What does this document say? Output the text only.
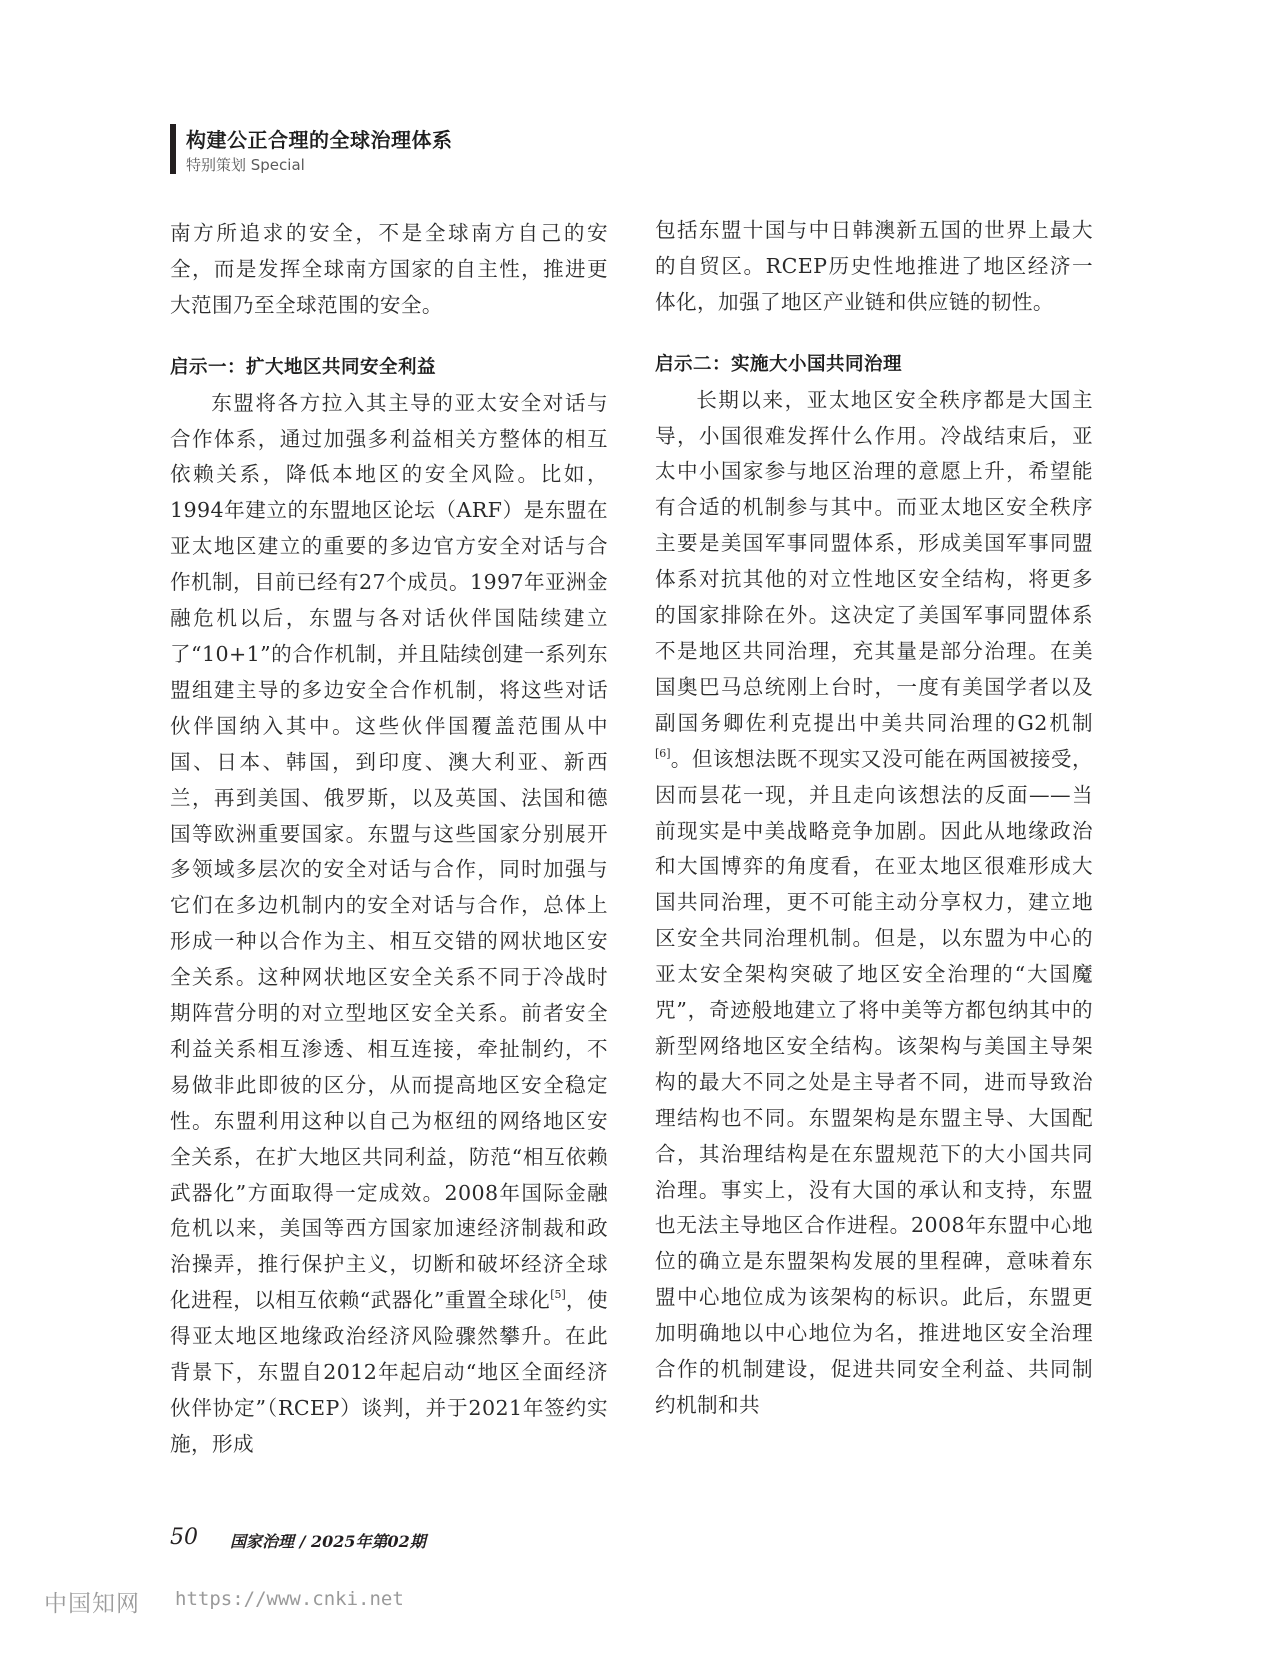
构建公正合理的全球治理体系
特别策划 Special

南方所追求的安全，不是全球南方自己的安全，而是发挥全球南方国家的自主性，推进更大范围乃至全球范围的安全。

启示一：扩大地区共同安全利益

东盟将各方拉入其主导的亚太安全对话与合作体系，通过加强多利益相关方整体的相互依赖关系，降低本地区的安全风险。比如，1994年建立的东盟地区论坛（ARF）是东盟在亚太地区建立的重要的多边官方安全对话与合作机制，目前已经有27个成员。1997年亚洲金融危机以后，东盟与各对话伙伴国陆续建立了“10+1”的合作机制，并且陆续创建一系列东盟组建主导的多边安全合作机制，将这些对话伙伴国纳入其中。这些伙伴国覆盖范围从中国、日本、韩国，到印度、澳大利亚、新西兰，再到美国、俄罗斯，以及英国、法国和德国等欧洲重要国家。东盟与这些国家分别展开多领域多层次的安全对话与合作，同时加强与它们在多边机制内的安全对话与合作，总体上形成一种以合作为主、相互交错的网状地区安全关系。这种网状地区安全关系不同于冷战时期阵营分明的对立型地区安全关系。前者安全利益关系相互渗透、相互连接，牵扯制约，不易做非此即彼的区分，从而提高地区安全稳定性。东盟利用这种以自己为枢纽的网络地区安全关系，在扩大地区共同利益，防范“相互依赖武器化”方面取得一定成效。2008年国际金融危机以来，美国等西方国家加速经济制裁和政治操弄，推行保护主义，切断和破坏经济全球化进程，以相互依赖“武器化”重置全球化[5]，使得亚太地区地缘政治经济风险骤然攀升。在此背景下，东盟自2012年起启动“地区全面经济伙伴协定”（RCEP）谈判，并于2021年签约实施，形成

包括东盟十国与中日韩澳新五国的世界上最大的自贸区。RCEP历史性地推进了地区经济一体化，加强了地区产业链和供应链的韧性。

启示二：实施大小国共同治理

长期以来，亚太地区安全秩序都是大国主导，小国很难发挥什么作用。冷战结束后，亚太中小国家参与地区治理的意愿上升，希望能有合适的机制参与其中。而亚太地区安全秩序主要是美国军事同盟体系，形成美国军事同盟体系对抗其他的对立性地区安全结构，将更多的国家排除在外。这决定了美国军事同盟体系不是地区共同治理，充其量是部分治理。在美国奥巴马总统刚上台时，一度有美国学者以及副国务卿佐利克提出中美共同治理的G2机制[6]。但该想法既不现实又没可能在两国被接受，因而昙花一现，并且走向该想法的反面——当前现实是中美战略竞争加剧。因此从地缘政治和大国博弈的角度看，在亚太地区很难形成大国共同治理，更不可能主动分享权力，建立地区安全共同治理机制。但是，以东盟为中心的亚太安全架构突破了地区安全治理的“大国魔咒”，奇迹般地建立了将中美等方都包纳其中的新型网络地区安全结构。该架构与美国主导架构的最大不同之处是主导者不同，进而导致治理结构也不同。东盟架构是东盟主导、大国配合，其治理结构是在东盟规范下的大小国共同治理。事实上，没有大国的承认和支持，东盟也无法主导地区合作进程。2008年东盟中心地位的确立是东盟架构发展的里程碑，意味着东盟中心地位成为该架构的标识。此后，东盟更加明确地以中心地位为名，推进地区安全治理合作的机制建设，促进共同安全利益、共同制约机制和共

50 国家治理 / 2025年第02期
中国知网 https://www.cnki.net
